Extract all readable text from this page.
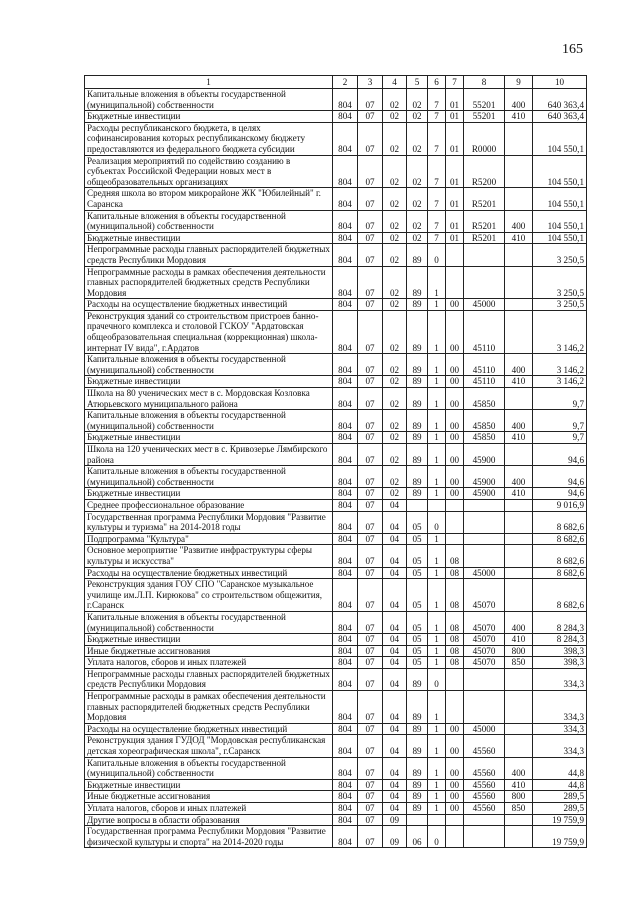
165
1	2	3	4	5	6	7	8	9	10
Капитальные вложения в объекты государственной (муниципальной) собственности	804	07	02	02	7	01	55201	400	640 363,4
Бюджетные инвестиции	804	07	02	02	7	01	55201	410	640 363,4
Расходы республиканского бюджета, в целях софинансирования которых республиканскому бюджету предоставляются из федерального бюджета субсидии	804	07	02	02	7	01	R0000		104 550,1
Реализация мероприятий по содействию созданию в субъектах Российской Федерации новых мест в общеобразовательных организациях	804	07	02	02	7	01	R5200		104 550,1
Средняя школа во втором микрорайоне ЖК "Юбилейный" г. Саранска	804	07	02	02	7	01	R5201		104 550,1
Капитальные вложения в объекты государственной (муниципальной) собственности	804	07	02	02	7	01	R5201	400	104 550,1
Бюджетные инвестиции	804	07	02	02	7	01	R5201	410	104 550,1
Непрограммные расходы главных распорядителей бюджетных средств Республики Мордовия	804	07	02	89	0				3 250,5
Непрограммные расходы в рамках обеспечения деятельности главных распорядителей бюджетных средств Республики Мордовия	804	07	02	89	1				3 250,5
Расходы на осуществление бюджетных инвестиций	804	07	02	89	1	00	45000		3 250,5
Реконструкция зданий со строительством пристроев банно-прачечного комплекса и столовой ГСКОУ "Ардатовская общеобразовательная специальная (коррекционная) школа-интернат IV вида", г.Ардатов	804	07	02	89	1	00	45110		3 146,2
Капитальные вложения в объекты государственной (муниципальной) собственности	804	07	02	89	1	00	45110	400	3 146,2
Бюджетные инвестиции	804	07	02	89	1	00	45110	410	3 146,2
Школа на 80 ученических мест в с. Мордовская Козловка Атюрьевского муниципального района	804	07	02	89	1	00	45850		9,7
Капитальные вложения в объекты государственной (муниципальной) собственности	804	07	02	89	1	00	45850	400	9,7
Бюджетные инвестиции	804	07	02	89	1	00	45850	410	9,7
Школа на 120 ученических мест в с. Кривозерье Лямбирского района	804	07	02	89	1	00	45900		94,6
Капитальные вложения в объекты государственной (муниципальной) собственности	804	07	02	89	1	00	45900	400	94,6
Бюджетные инвестиции	804	07	02	89	1	00	45900	410	94,6
Среднее профессиональное образование	804	07	04						9 016,9
Государственная программа Республики Мордовия "Развитие культуры и туризма" на 2014-2018 годы	804	07	04	05	0				8 682,6
Подпрограмма "Культура"	804	07	04	05	1				8 682,6
Основное мероприятие "Развитие инфраструктуры сферы культуры и искусства"	804	07	04	05	1	08			8 682,6
Расходы на осуществление бюджетных инвестиций	804	07	04	05	1	08	45000		8 682,6
Реконструкция здания ГОУ СПО "Саранское музыкальное училище им.Л.П. Кирюкова" со строительством общежития, г.Саранск	804	07	04	05	1	08	45070		8 682,6
Капитальные вложения в объекты государственной (муниципальной) собственности	804	07	04	05	1	08	45070	400	8 284,3
Бюджетные инвестиции	804	07	04	05	1	08	45070	410	8 284,3
Иные бюджетные ассигнования	804	07	04	05	1	08	45070	800	398,3
Уплата налогов, сборов и иных платежей	804	07	04	05	1	08	45070	850	398,3
Непрограммные расходы главных распорядителей бюджетных средств Республики Мордовия	804	07	04	89	0				334,3
Непрограммные расходы в рамках обеспечения деятельности главных распорядителей бюджетных средств Республики Мордовия	804	07	04	89	1				334,3
Расходы на осуществление бюджетных инвестиций	804	07	04	89	1	00	45000		334,3
Реконструкция здания ГУДОД "Мордовская республиканская детская хореографическая школа", г.Саранск	804	07	04	89	1	00	45560		334,3
Капитальные вложения в объекты государственной (муниципальной) собственности	804	07	04	89	1	00	45560	400	44,8
Бюджетные инвестиции	804	07	04	89	1	00	45560	410	44,8
Иные бюджетные ассигнования	804	07	04	89	1	00	45560	800	289,5
Уплата налогов, сборов и иных платежей	804	07	04	89	1	00	45560	850	289,5
Другие вопросы в области образования	804	07	09						19 759,9
Государственная программа Республики Мордовия "Развитие физической культуры и спорта" на 2014-2020 годы	804	07	09	06	0				19 759,9
